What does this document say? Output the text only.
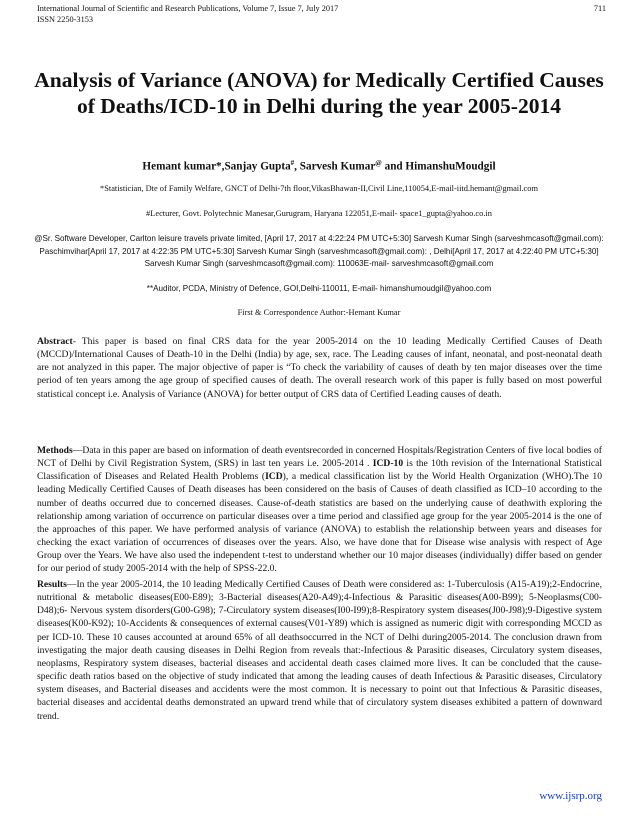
International Journal of Scientific and Research Publications, Volume 7, Issue 7, July 2017
ISSN 2250-3153
711
Analysis of Variance (ANOVA) for Medically Certified Causes of Deaths/ICD-10 in Delhi during the year 2005-2014
Hemant kumar*,Sanjay Gupta#, Sarvesh Kumar@ and HimanshuMoudgil
*Statistician, Dte of Family Welfare, GNCT of Delhi-7th floor,VikasBhawan-II,Civil Line,110054,E-mail-iitd.hemant@gmail.com
#Lecturer, Govt. Polytechnic Manesar,Gurugram, Haryana 122051,E-mail- space1_gupta@yahoo.co.in
@Sr. Software Developer, Carlton leisure travels private limited, [April 17, 2017 at 4:22:24 PM UTC+5:30] Sarvesh Kumar Singh (sarveshmcasoft@gmail.com): Paschimvihar[April 17, 2017 at 4:22:35 PM UTC+5:30] Sarvesh Kumar Singh (sarveshmcasoft@gmail.com): , Delhi[April 17, 2017 at 4:22:40 PM UTC+5:30] Sarvesh Kumar Singh (sarveshmcasoft@gmail.com): 110063E-mail- sarveshmcasoft@gmail.com
**Auditor, PCDA, Ministry of Defence, GOI,Delhi-110011, E-mail- himanshumoudgil@yahoo.com
First & Correspondence Author:-Hemant Kumar
Abstract- This paper is based on final CRS data for the year 2005-2014 on the 10 leading Medically Certified Causes of Death (MCCD)/International Causes of Death-10 in the Delhi (India) by age, sex, race. The Leading causes of infant, neonatal, and post-neonatal death are not analyzed in this paper. The major objective of paper is “To check the variability of causes of death by ten major diseases over the time period of ten years among the age group of specified causes of death. The overall research work of this paper is fully based on most powerful statistical concept i.e. Analysis of Variance (ANOVA) for better output of CRS data of Certified Leading causes of death.
Methods—Data in this paper are based on information of death eventsrecorded in concerned Hospitals/Registration Centers of five local bodies of NCT of Delhi by Civil Registration System, (SRS) in last ten years i.e. 2005-2014 . ICD-10 is the 10th revision of the International Statistical Classification of Diseases and Related Health Problems (ICD), a medical classification list by the World Health Organization (WHO).The 10 leading Medically Certified Causes of Death diseases has been considered on the basis of Causes of death classified as ICD–10 according to the number of deaths occurred due to concerned diseases. Cause-of-death statistics are based on the underlying cause of deathwith exploring the relationship among variation of occurrence on particular diseases over a time period and classified age group for the year 2005-2014 is the one of the approaches of this paper. We have performed analysis of variance (ANOVA) to establish the relationship between years and diseases for checking the exact variation of occurrences of diseases over the years. Also, we have done that for Disease wise analysis with respect of Age Group over the Years. We have also used the independent t-test to understand whether our 10 major diseases (individually) differ based on gender for our period of study 2005-2014 with the help of SPSS-22.0.
Results—In the year 2005-2014, the 10 leading Medically Certified Causes of Death were considered as: 1-Tuberculosis (A15-A19);2-Endocrine, nutritional & metabolic diseases(E00-E89); 3-Bacterial diseases(A20-A49);4-Infectious & Parasitic diseases(A00-B99); 5-Neoplasms(C00-D48);6- Nervous system disorders(G00-G98); 7-Circulatory system diseases(I00-I99);8-Respiratory system diseases(J00-J98);9-Digestive system diseases(K00-K92); 10-Accidents & consequences of external causes(V01-Y89) which is assigned as numeric digit with corresponding MCCD as per ICD-10. These 10 causes accounted at around 65% of all deathsoccurred in the NCT of Delhi during2005-2014. The conclusion drawn from investigating the major death causing diseases in Delhi Region from reveals that:-Infectious & Parasitic diseases, Circulatory system diseases, neoplasms, Respiratory system diseases, bacterial diseases and accidental death cases claimed more lives. It can be concluded that the cause-specific death ratios based on the objective of study indicated that among the leading causes of death Infectious & Parasitic diseases, Circulatory system diseases, and Bacterial diseases and accidents were the most common. It is necessary to point out that Infectious & Parasitic diseases, bacterial diseases and accidental deaths demonstrated an upward trend while that of circulatory system diseases exhibited a pattern of downward trend.
www.ijsrp.org
